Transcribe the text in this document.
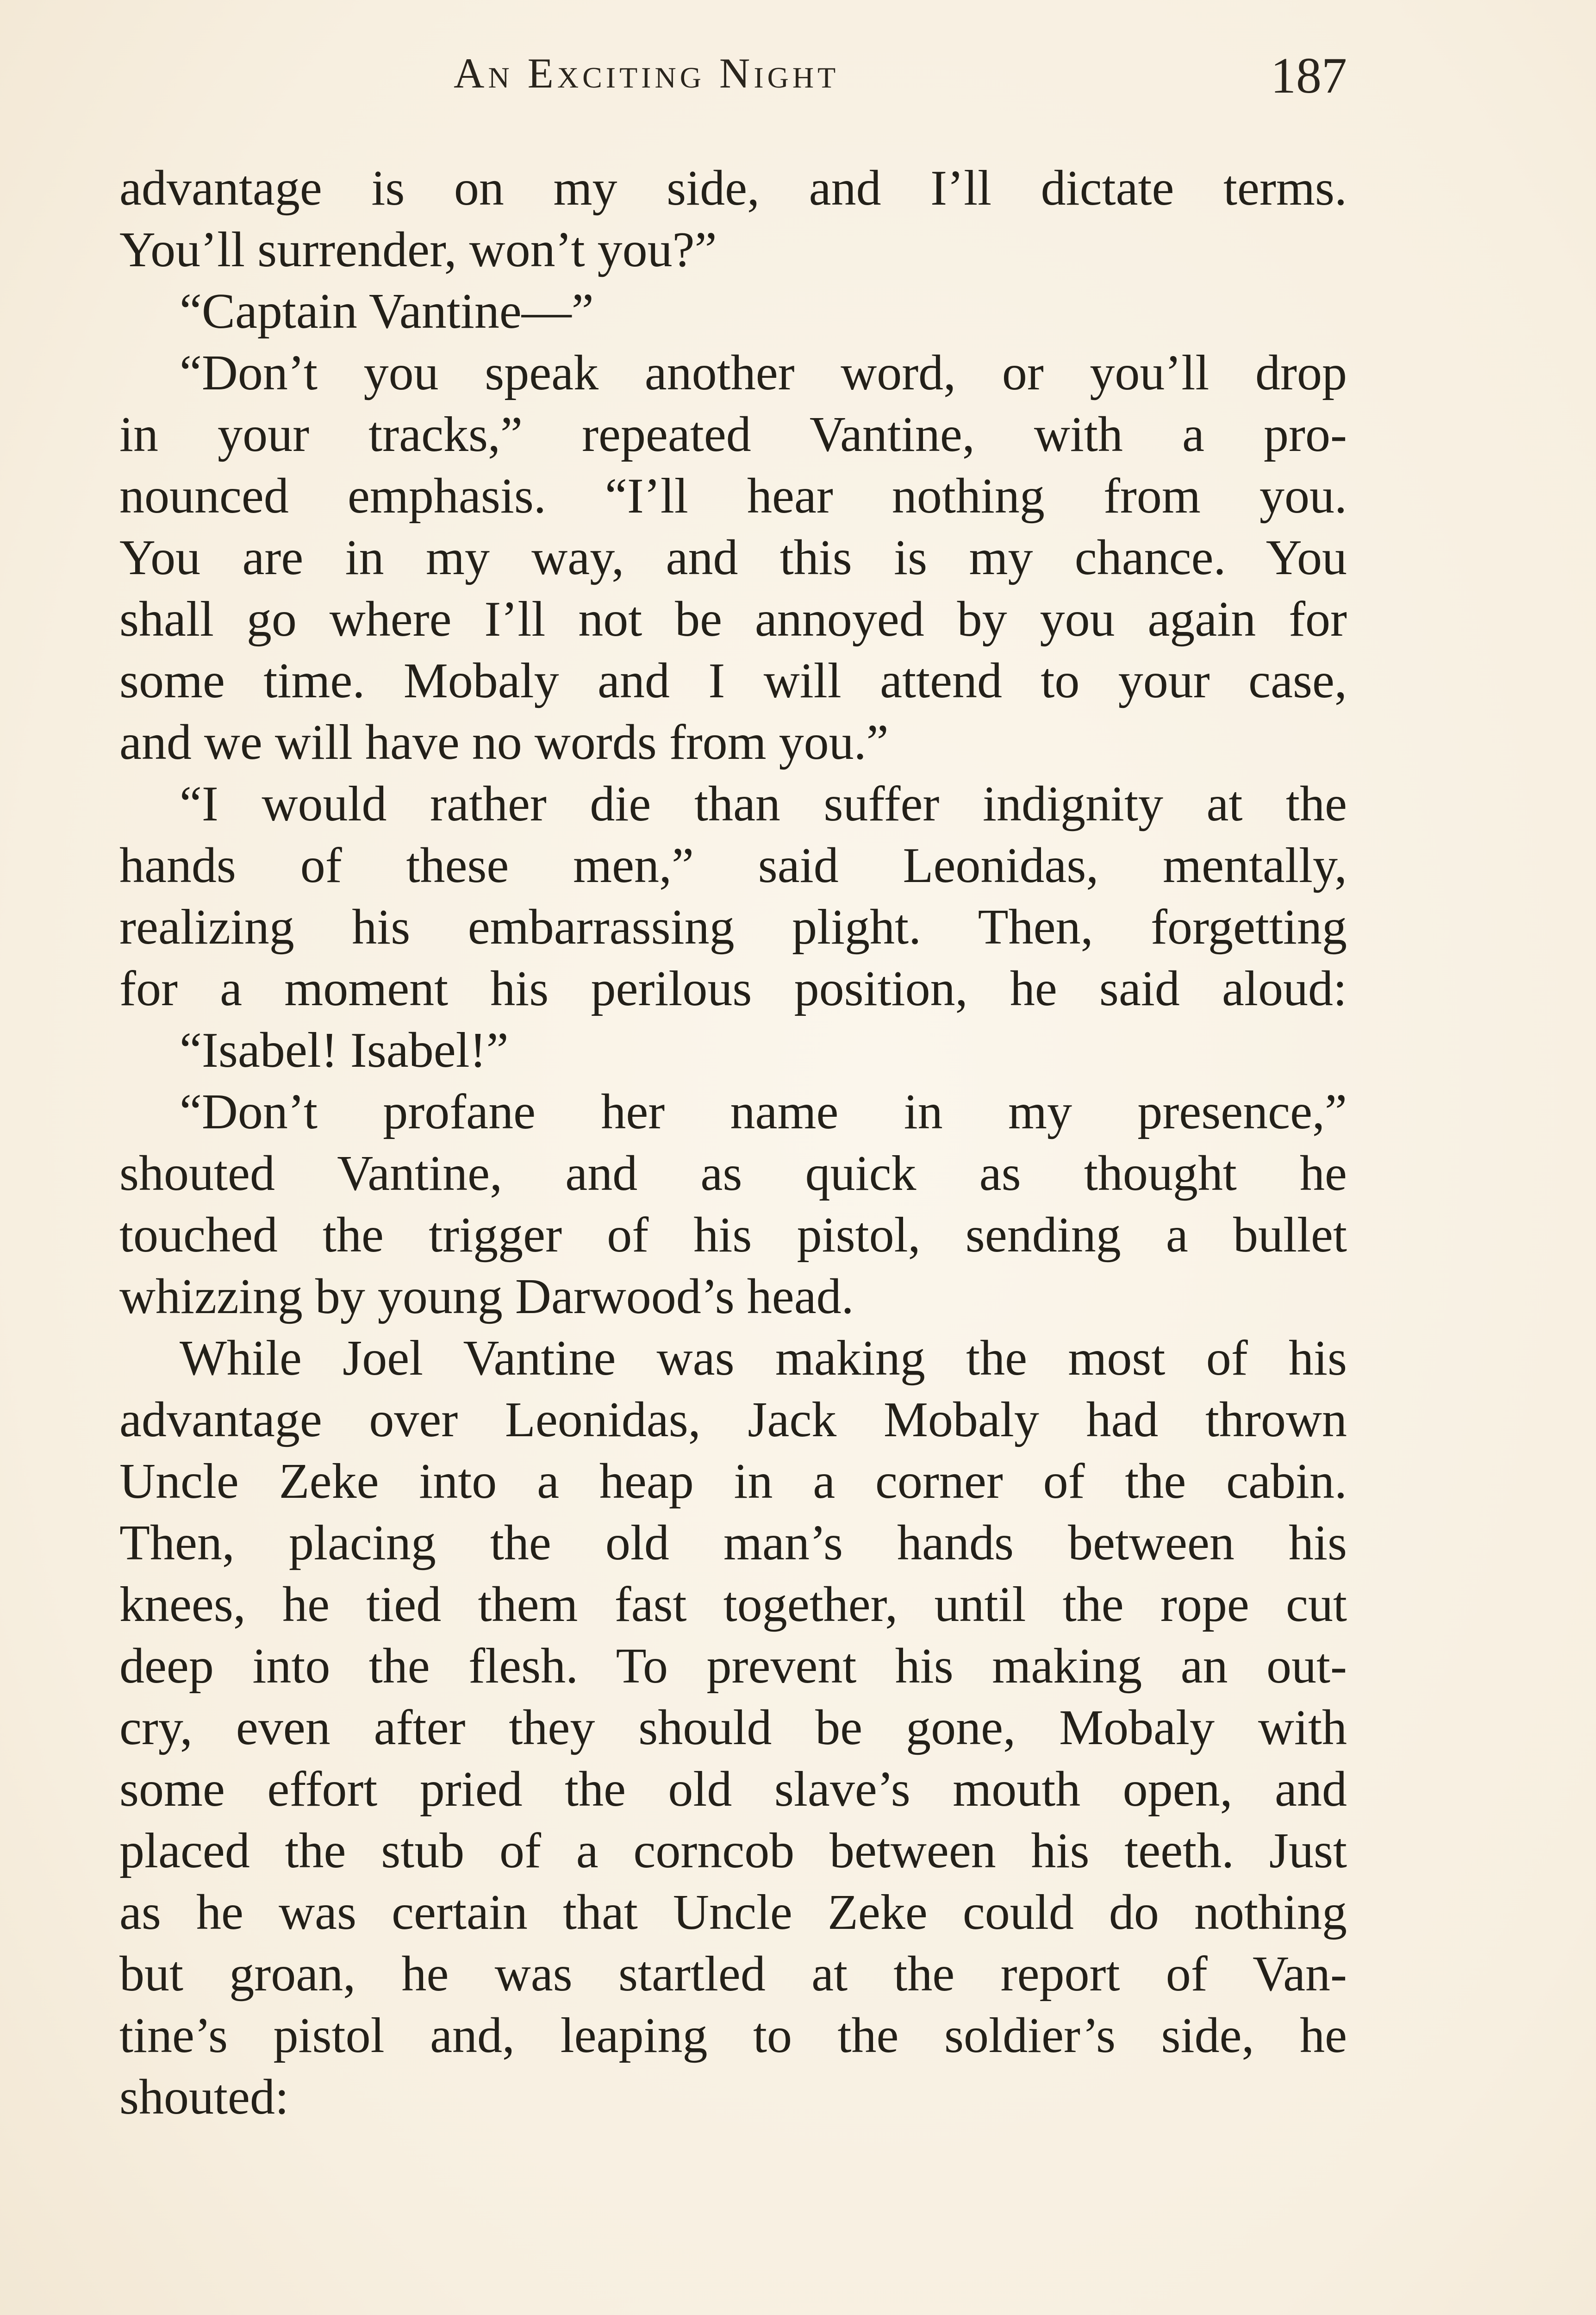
An Exciting Night	187
advantage is on my side, and I’ll dictate terms.
You’ll surrender, won’t you?”
“Captain Vantine—”
“Don’t you speak another word, or you’ll drop
in your tracks,” repeated Vantine, with a pro-
nounced emphasis. “I’ll hear nothing from you.
You are in my way, and this is my chance. You
shall go where I’ll not be annoyed by you again for
some time. Mobaly and I will attend to your case,
and we will have no words from you.”
“I would rather die than suffer indignity at the
hands of these men,” said Leonidas, mentally,
realizing his embarrassing plight. Then, forgetting
for a moment his perilous position, he said aloud:
“Isabel! Isabel!”
“Don’t profane her name in my presence,”
shouted Vantine, and as quick as thought he
touched the trigger of his pistol, sending a bullet
whizzing by young Darwood’s head.
While Joel Vantine was making the most of his
advantage over Leonidas, Jack Mobaly had thrown
Uncle Zeke into a heap in a corner of the cabin.
Then, placing the old man’s hands between his
knees, he tied them fast together, until the rope cut
deep into the flesh. To prevent his making an out-
cry, even after they should be gone, Mobaly with
some effort pried the old slave’s mouth open, and
placed the stub of a corncob between his teeth. Just
as he was certain that Uncle Zeke could do nothing
but groan, he was startled at the report of Van-
tine’s pistol and, leaping to the soldier’s side, he
shouted:
